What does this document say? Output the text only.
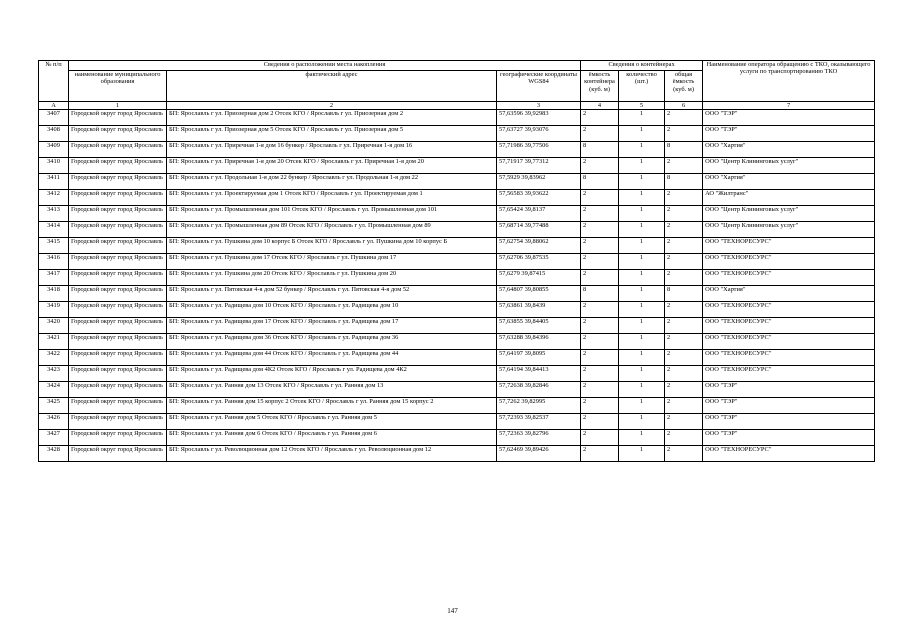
№ п/п	Сведения о расположении места накопления			Сведения о контейнерах			Наименование оператора обращению с ТКО, оказывающего услуги по транспортированию ТКО
	наименование муниципального образования	фактический адрес	географические координаты WGS84	ёмкость контейнера (куб. м)	количество (шт.)	общая ёмкость (куб. м)	
А	1	2	3	4	5	6	7
3407	Городской округ город Ярославль	БП: Ярославль г ул. Приозерная дом 2 Отсек КГО / Ярославль г ул. Приозерная дом 2	57,63596 39,92983	2	1	2	ООО "ТЭР"
3408	Городской округ город Ярославль	БП: Ярославль г ул. Приозерная дом 5 Отсек КГО / Ярославль г ул. Приозерная дом 5	57,63727 39,93076	2	1	2	ООО "ТЭР"
3409	Городской округ город Ярославль	БП: Ярославль г ул. Приречная 1-я дом 16 бункер / Ярославль г ул. Приречная 1-я дом 16	57,71986 39,77506	8	1	8	ООО "Хартия"
3410	Городской округ город Ярославль	БП: Ярославль г ул. Приречная 1-я дом 20 Отсек КГО / Ярославль г ул. Приречная 1-я дом 20	57,71917 39,77312	2	1	2	ООО "Центр Клининговых услуг"
3411	Городской округ город Ярославль	БП: Ярославль г ул. Продольная 1-я дом 22 бункер / Ярославль г ул. Продольная 1-я дом 22	57,5929 39,83962	8	1	8	ООО "Хартия"
3412	Городской округ город Ярославль	БП: Ярославль г ул. Проектируемая дом 1 Отсек КГО / Ярославль г ул. Проектируемая дом 1	57,56583 39,93622	2	1	2	АО "Жилтранс"
3413	Городской округ город Ярославль	БП: Ярославль г ул. Промышленная дом 101 Отсек КГО / Ярославль г ул. Промышленная дом 101	57,65424 39,8137	2	1	2	ООО "Центр Клининговых услуг"
3414	Городской округ город Ярославль	БП: Ярославль г ул. Промышленная дом 89 Отсек КГО / Ярославль г ул. Промышленная дом 89	57,68714 39,77488	2	1	2	ООО "Центр Клининговых услуг"
3415	Городской округ город Ярославль	БП: Ярославль г ул. Пушкина дом 10 корпус Б Отсек КГО / Ярославль г ул. Пушкина дом 10 корпус Б	57,62754 39,88062	2	1	2	ООО "ТЕХНОРЕСУРС"
3416	Городской округ город Ярославль	БП: Ярославль г ул. Пушкина дом 17 Отсек КГО / Ярославль г ул. Пушкина дом 17	57,62706 39,87535	2	1	2	ООО "ТЕХНОРЕСУРС"
3417	Городской округ город Ярославль	БП: Ярославль г ул. Пушкина дом 20 Отсек КГО / Ярославль г ул. Пушкина дом 20	57,6279 39,87415	2	1	2	ООО "ТЕХНОРЕСУРС"
3418	Городской округ город Ярославль	БП: Ярославль г ул. Пятовская 4-я дом 52 бункер / Ярославль г ул. Пятовская 4-я дом 52	57,64807 39,80855	8	1	8	ООО "Хартия"
3419	Городской округ город Ярославль	БП: Ярославль г ул. Радищева дом 10 Отсек КГО / Ярославль г ул. Радищева дом 10	57,63861 39,8439	2	1	2	ООО "ТЕХНОРЕСУРС"
3420	Городской округ город Ярославль	БП: Ярославль г ул. Радищева дом 17 Отсек КГО / Ярославль г ул. Радищева дом 17	57,63855 39,84405	2	1	2	ООО "ТЕХНОРЕСУРС"
3421	Городской округ город Ярославль	БП: Ярославль г ул. Радищева дом 36 Отсек КГО / Ярославль г ул. Радищева дом 36	57,63288 39,84396	2	1	2	ООО "ТЕХНОРЕСУРС"
3422	Городской округ город Ярославль	БП: Ярославль г ул. Радищева дом 44 Отсек КГО / Ярославль г ул. Радищева дом 44	57,64197 39,8095	2	1	2	ООО "ТЕХНОРЕСУРС"
3423	Городской округ город Ярославль	БП: Ярославль г ул. Радищева дом 4К2 Отсек КГО / Ярославль г ул. Радищева дом 4К2	57,64194 39,84413	2	1	2	ООО "ТЕХНОРЕСУРС"
3424	Городской округ город Ярославль	БП: Ярославль г ул. Ранняя дом 13 Отсек КГО / Ярославль г ул. Ранняя дом 13	57,72638 39,82846	2	1	2	ООО "ТЭР"
3425	Городской округ город Ярославль	БП: Ярославль г ул. Ранняя дом 15 корпус 2 Отсек КГО / Ярославль г ул. Ранняя дом 15 корпус 2	57,7262 39,82995	2	1	2	ООО "ТЭР"
3426	Городской округ город Ярославль	БП: Ярославль г ул. Ранняя дом 5 Отсек КГО / Ярославль г ул. Ранняя дом 5	57,72393 39,82537	2	1	2	ООО "ТЭР"
3427	Городской округ город Ярославль	БП: Ярославль г ул. Ранняя дом 6 Отсек КГО / Ярославль г ул. Ранняя дом 6	57,72363 39,82796	2	1	2	ООО "ТЭР"
3428	Городской округ город Ярославль	БП: Ярославль г ул. Революционная дом 12 Отсек КГО / Ярославль г ул. Революционная дом 12	57,62469 39,89426	2	1	2	ООО "ТЕХНОРЕСУРС"
147
